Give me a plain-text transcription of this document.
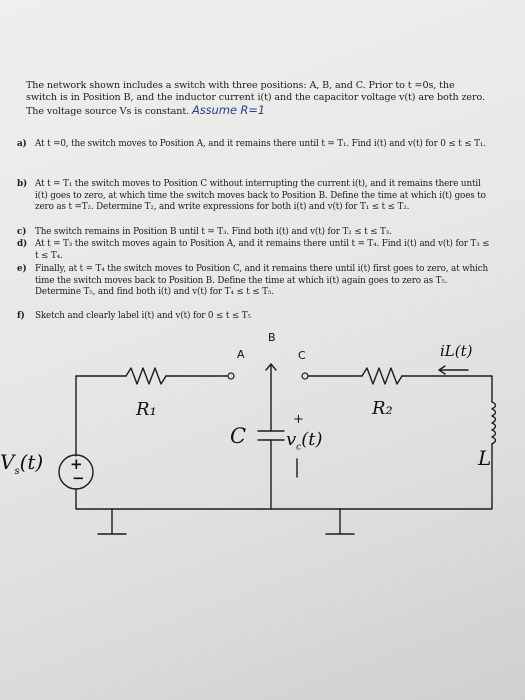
The network shown includes a switch with three positions: A, B, and C. Prior to t =0s, the switch is in Position B, and the inductor current i(t) and the capacitor voltage v(t) are both zero. The voltage source Vs is constant. Assume R=1
a) At t =0, the switch moves to Position A, and it remains there until t = T₁. Find i(t) and v(t) for 0 ≤ t ≤ T₁.
b) At t = T₁ the switch moves to Position C without interrupting the current i(t), and it remains there until i(t) goes to zero, at which time the switch moves back to Position B. Define the time at which i(t) goes to zero as t =T₂. Determine T₂, and write expressions for both i(t) and v(t) for T₁ ≤ t ≤ T₂.
c) The switch remains in Position B until t = T₃. Find both i(t) and v(t) for T₂ ≤ t ≤ T₃.
d) At t = T₃ the switch moves again to Position A, and it remains there until t = T₄. Find i(t) and v(t) for T₃ ≤ t ≤ T₄.
e) Finally, at t = T₄ the switch moves to Position C, and it remains there until i(t) first goes to zero, at which time the switch moves back to Position B. Define the time at which i(t) again goes to zero as T₅. Determine T₅, and find both i(t) and v(t) for T₄ ≤ t ≤ T₅.
f) Sketch and clearly label i(t) and v(t) for 0 ≤ t ≤ T₅
B
A	C
R₁	R₂
C
L
+
$v_c(t)$
iL(t)
$V_s(t)$ +
−
